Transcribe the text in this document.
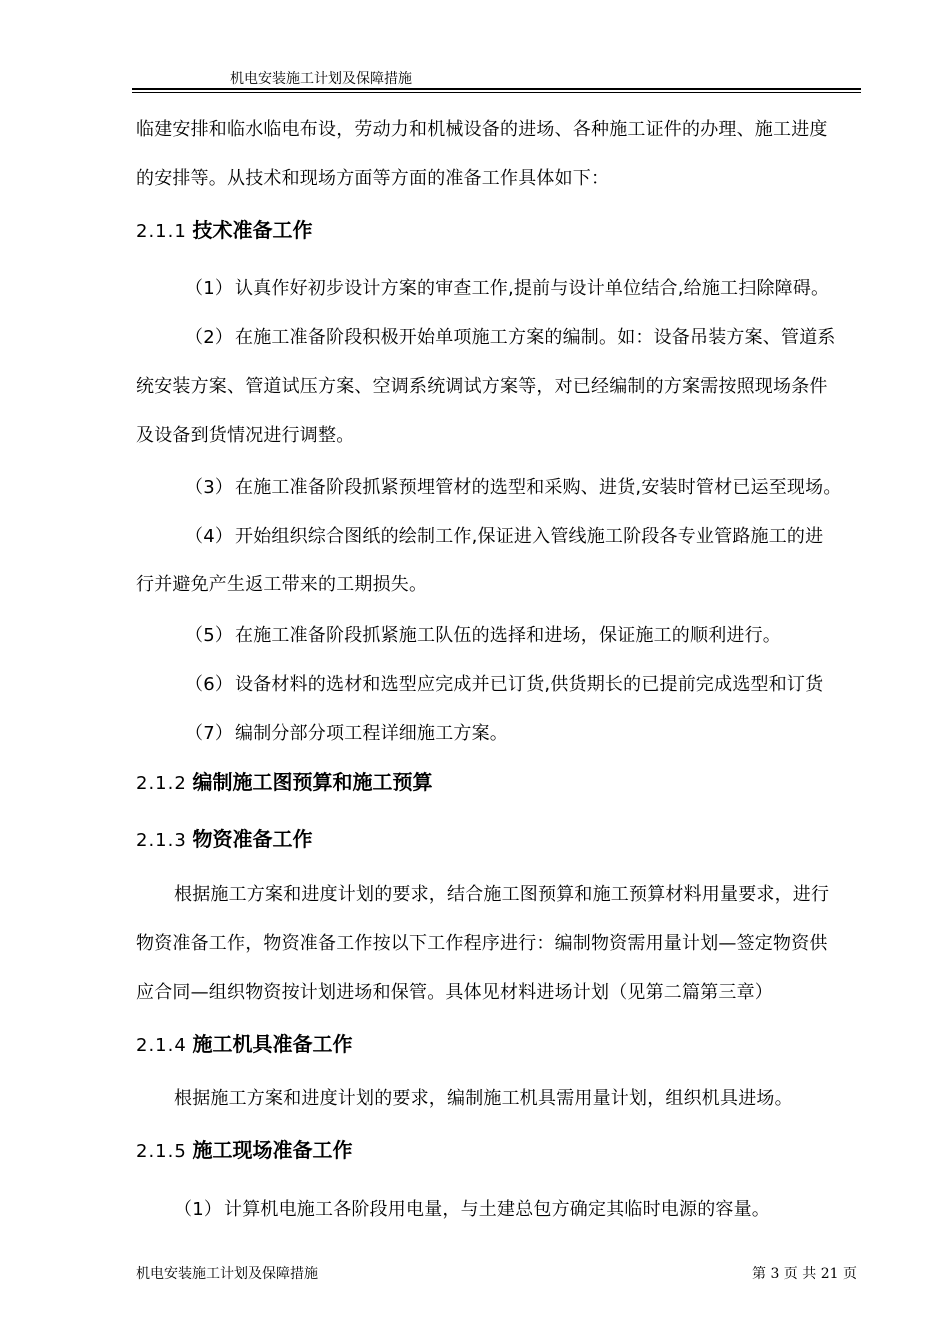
机电安装施工计划及保障措施
临建安排和临水临电布设，劳动力和机械设备的进场、各种施工证件的办理、施工进度
的安排等。从技术和现场方面等方面的准备工作具体如下：
2.1.1 技术准备工作
（1） 认真作好初步设计方案的审查工作,提前与设计单位结合,给施工扫除障碍。
（2） 在施工准备阶段积极开始单项施工方案的编制。如：设备吊装方案、管道系
统安装方案、管道试压方案、空调系统调试方案等，对已经编制的方案需按照现场条件
及设备到货情况进行调整。
（3） 在施工准备阶段抓紧预埋管材的选型和采购、进货,安装时管材已运至现场。
（4） 开始组织综合图纸的绘制工作,保证进入管线施工阶段各专业管路施工的进
行并避免产生返工带来的工期损失。
（5） 在施工准备阶段抓紧施工队伍的选择和进场，保证施工的顺利进行。
（6） 设备材料的选材和选型应完成并已订货,供货期长的已提前完成选型和订货
（7） 编制分部分项工程详细施工方案。
2.1.2 编制施工图预算和施工预算
2.1.3 物资准备工作
根据施工方案和进度计划的要求，结合施工图预算和施工预算材料用量要求，进行
物资准备工作，物资准备工作按以下工作程序进行：编制物资需用量计划—签定物资供
应合同—组织物资按计划进场和保管。具体见材料进场计划（见第二篇第三章）
2.1.4 施工机具准备工作
根据施工方案和进度计划的要求，编制施工机具需用量计划，组织机具进场。
2.1.5 施工现场准备工作
（1） 计算机电施工各阶段用电量，与土建总包方确定其临时电源的容量。
机电安装施工计划及保障措施	第 3 页 共 21 页
